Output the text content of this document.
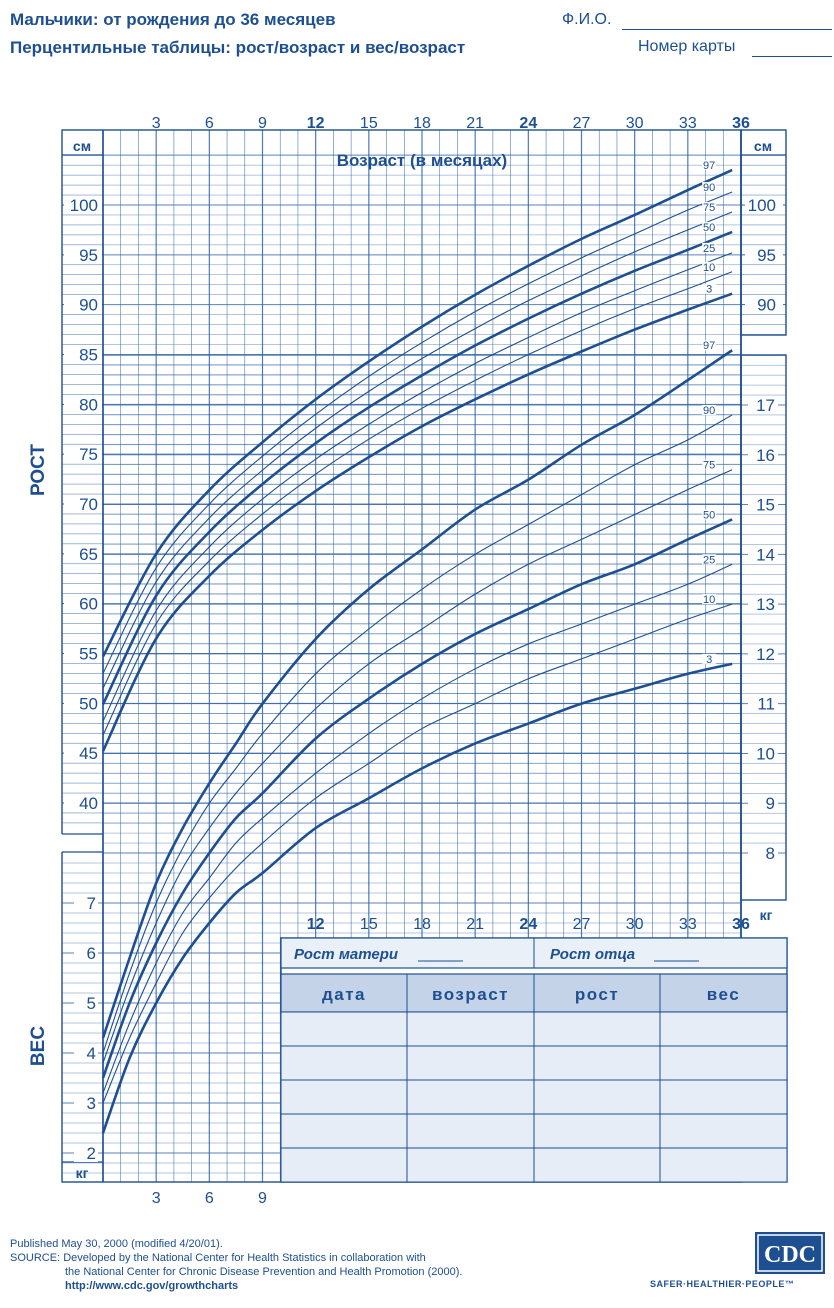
97
90
75
50
25
10
3
97
90
75
50
25
10
3
3	6	9 12 15 18 21 24 27 30 33 36
12 15 18 21 24 27 30 33 36
3	6	9
Возраст (в месяцах)
см	см
кг
кг
40
45
50
55
60
65
70
75
80
85
90
95
100
90
95
100
2
3
4
5
6
7
8
9
10
11
12
13
14
15
16
17
РОСТ
ВЕС
Рост матери	Рост отца
дата	возраст	рост	вес
Мальчики: от рождения до 36 месяцев
Перцентильные таблицы: рост/возраст и вес/возраст
Ф.И.О.
Номер карты
Published May 30, 2000 (modified 4/20/01).
SOURCE: Developed by the National Center for Health Statistics in collaboration with
the National Center for Chronic Disease Prevention and Health Promotion (2000).
http://www.cdc.gov/growthcharts
CDC
SAFER·HEALTHIER·PEOPLE™
